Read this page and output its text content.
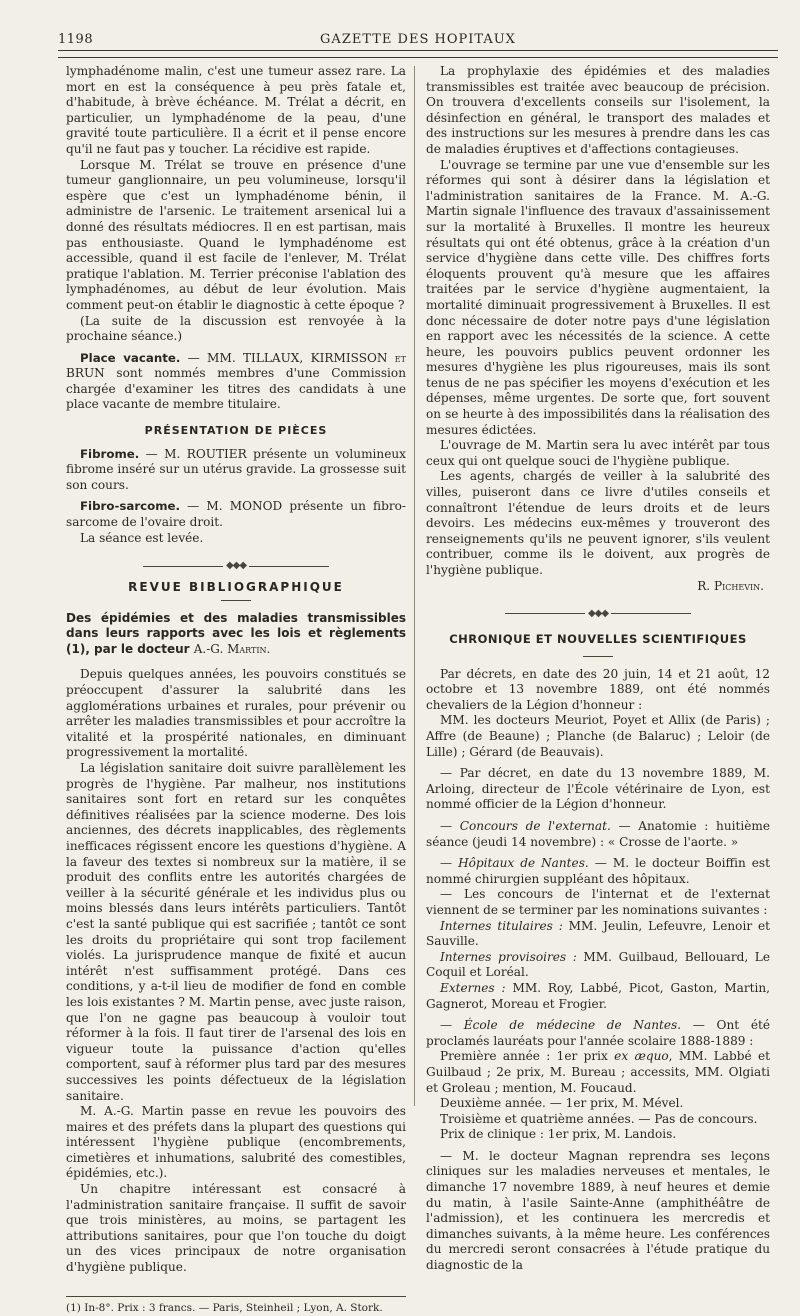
1198	GAZETTE DES HOPITAUX

lymphadénome malin, c'est une tumeur assez rare. La mort en est la conséquence à peu près fatale et, d'habitude, à brève échéance. M. Trélat a décrit, en particulier, un lymphadénome de la peau, d'une gravité toute particulière. Il a écrit et il pense encore qu'il ne faut pas y toucher. La récidive est rapide.

Lorsque M. Trélat se trouve en présence d'une tumeur ganglionnaire, un peu volumineuse, lorsqu'il espère que c'est un lymphadénome bénin, il administre de l'arsenic. Le traitement arsenical lui a donné des résultats médiocres. Il en est partisan, mais pas enthousiaste. Quand le lymphadénome est accessible, quand il est facile de l'enlever, M. Trélat pratique l'ablation. M. Terrier préconise l'ablation des lymphadénomes, au début de leur évolution. Mais comment peut-on établir le diagnostic à cette époque ?

(La suite de la discussion est renvoyée à la prochaine séance.)

Place vacante. — MM. TILLAUX, KIRMISSON et BRUN sont nommés membres d'une Commission chargée d'examiner les titres des candidats à une place vacante de membre titulaire.

PRÉSENTATION DE PIÈCES

Fibrome. — M. ROUTIER présente un volumineux fibrome inséré sur un utérus gravide. La grossesse suit son cours.

Fibro-sarcome. — M. MONOD présente un fibro-sarcome de l'ovaire droit.

La séance est levée.

◆◆◆
REVUE BIBLIOGRAPHIQUE

Des épidémies et des maladies transmissibles dans leurs rapports avec les lois et règlements (1), par le docteur A.-G. Martin.

Depuis quelques années, les pouvoirs constitués se préoccupent d'assurer la salubrité dans les agglomérations urbaines et rurales, pour prévenir ou arrêter les maladies transmissibles et pour accroître la vitalité et la prospérité nationales, en diminuant progressivement la mortalité.

La législation sanitaire doit suivre parallèlement les progrès de l'hygiène. Par malheur, nos institutions sanitaires sont fort en retard sur les conquêtes définitives réalisées par la science moderne. Des lois anciennes, des décrets inapplicables, des règlements inefficaces régissent encore les questions d'hygiène. A la faveur des textes si nombreux sur la matière, il se produit des conflits entre les autorités chargées de veiller à la sécurité générale et les individus plus ou moins blessés dans leurs intérêts particuliers. Tantôt c'est la santé publique qui est sacrifiée ; tantôt ce sont les droits du propriétaire qui sont trop facilement violés. La jurisprudence manque de fixité et aucun intérêt n'est suffisamment protégé. Dans ces conditions, y a-t-il lieu de modifier de fond en comble les lois existantes ? M. Martin pense, avec juste raison, que l'on ne gagne pas beaucoup à vouloir tout réformer à la fois. Il faut tirer de l'arsenal des lois en vigueur toute la puissance d'action qu'elles comportent, sauf à réformer plus tard par des mesures successives les points défectueux de la législation sanitaire.

M. A.-G. Martin passe en revue les pouvoirs des maires et des préfets dans la plupart des questions qui intéressent l'hygiène publique (encombrements, cimetières et inhumations, salubrité des comestibles, épidémies, etc.).

Un chapitre intéressant est consacré à l'administration sanitaire française. Il suffit de savoir que trois ministères, au moins, se partagent les attributions sanitaires, pour que l'on touche du doigt un des vices principaux de notre organisation d'hygiène publique.

(1) In-8°. Prix : 3 francs. — Paris, Steinheil ; Lyon, A. Stork.

La prophylaxie des épidémies et des maladies transmissibles est traitée avec beaucoup de précision. On trouvera d'excellents conseils sur l'isolement, la désinfection en général, le transport des malades et des instructions sur les mesures à prendre dans les cas de maladies éruptives et d'affections contagieuses.

L'ouvrage se termine par une vue d'ensemble sur les réformes qui sont à désirer dans la législation et l'administration sanitaires de la France. M. A.-G. Martin signale l'influence des travaux d'assainissement sur la mortalité à Bruxelles. Il montre les heureux résultats qui ont été obtenus, grâce à la création d'un service d'hygiène dans cette ville. Des chiffres forts éloquents prouvent qu'à mesure que les affaires traitées par le service d'hygiène augmentaient, la mortalité diminuait progressivement à Bruxelles. Il est donc nécessaire de doter notre pays d'une législation en rapport avec les nécessités de la science. A cette heure, les pouvoirs publics peuvent ordonner les mesures d'hygiène les plus rigoureuses, mais ils sont tenus de ne pas spécifier les moyens d'exécution et les dépenses, même urgentes. De sorte que, fort souvent on se heurte à des impossibilités dans la réalisation des mesures édictées.

L'ouvrage de M. Martin sera lu avec intérêt par tous ceux qui ont quelque souci de l'hygiène publique.

Les agents, chargés de veiller à la salubrité des villes, puiseront dans ce livre d'utiles conseils et connaîtront l'étendue de leurs droits et de leurs devoirs. Les médecins eux-mêmes y trouveront des renseignements qu'ils ne peuvent ignorer, s'ils veulent contribuer, comme ils le doivent, aux progrès de l'hygiène publique.

R. Pichevin.

◆◆◆
CHRONIQUE ET NOUVELLES SCIENTIFIQUES

Par décrets, en date des 20 juin, 14 et 21 août, 12 octobre et 13 novembre 1889, ont été nommés chevaliers de la Légion d'honneur :

MM. les docteurs Meuriot, Poyet et Allix (de Paris) ; Affre (de Beaune) ; Planche (de Balaruc) ; Leloir (de Lille) ; Gérard (de Beauvais).

— Par décret, en date du 13 novembre 1889, M. Arloing, directeur de l'École vétérinaire de Lyon, est nommé officier de la Légion d'honneur.

— Concours de l'externat. — Anatomie : huitième séance (jeudi 14 novembre) : « Crosse de l'aorte. »

— Hôpitaux de Nantes. — M. le docteur Boiffin est nommé chirurgien suppléant des hôpitaux.

— Les concours de l'internat et de l'externat viennent de se terminer par les nominations suivantes :

Internes titulaires : MM. Jeulin, Lefeuvre, Lenoir et Sauville.

Internes provisoires : MM. Guilbaud, Bellouard, Le Coquil et Loréal.

Externes : MM. Roy, Labbé, Picot, Gaston, Martin, Gagnerot, Moreau et Frogier.

— École de médecine de Nantes. — Ont été proclamés lauréats pour l'année scolaire 1888-1889 :

Première année : 1er prix ex æquo, MM. Labbé et Guilbaud ; 2e prix, M. Bureau ; accessits, MM. Olgiati et Groleau ; mention, M. Foucaud.

Deuxième année. — 1er prix, M. Mével.

Troisième et quatrième années. — Pas de concours.

Prix de clinique : 1er prix, M. Landois.

— M. le docteur Magnan reprendra ses leçons cliniques sur les maladies nerveuses et mentales, le dimanche 17 novembre 1889, à neuf heures et demie du matin, à l'asile Sainte-Anne (amphithéâtre de l'admission), et les continuera les mercredis et dimanches suivants, à la même heure. Les conférences du mercredi seront consacrées à l'étude pratique du diagnostic de la
